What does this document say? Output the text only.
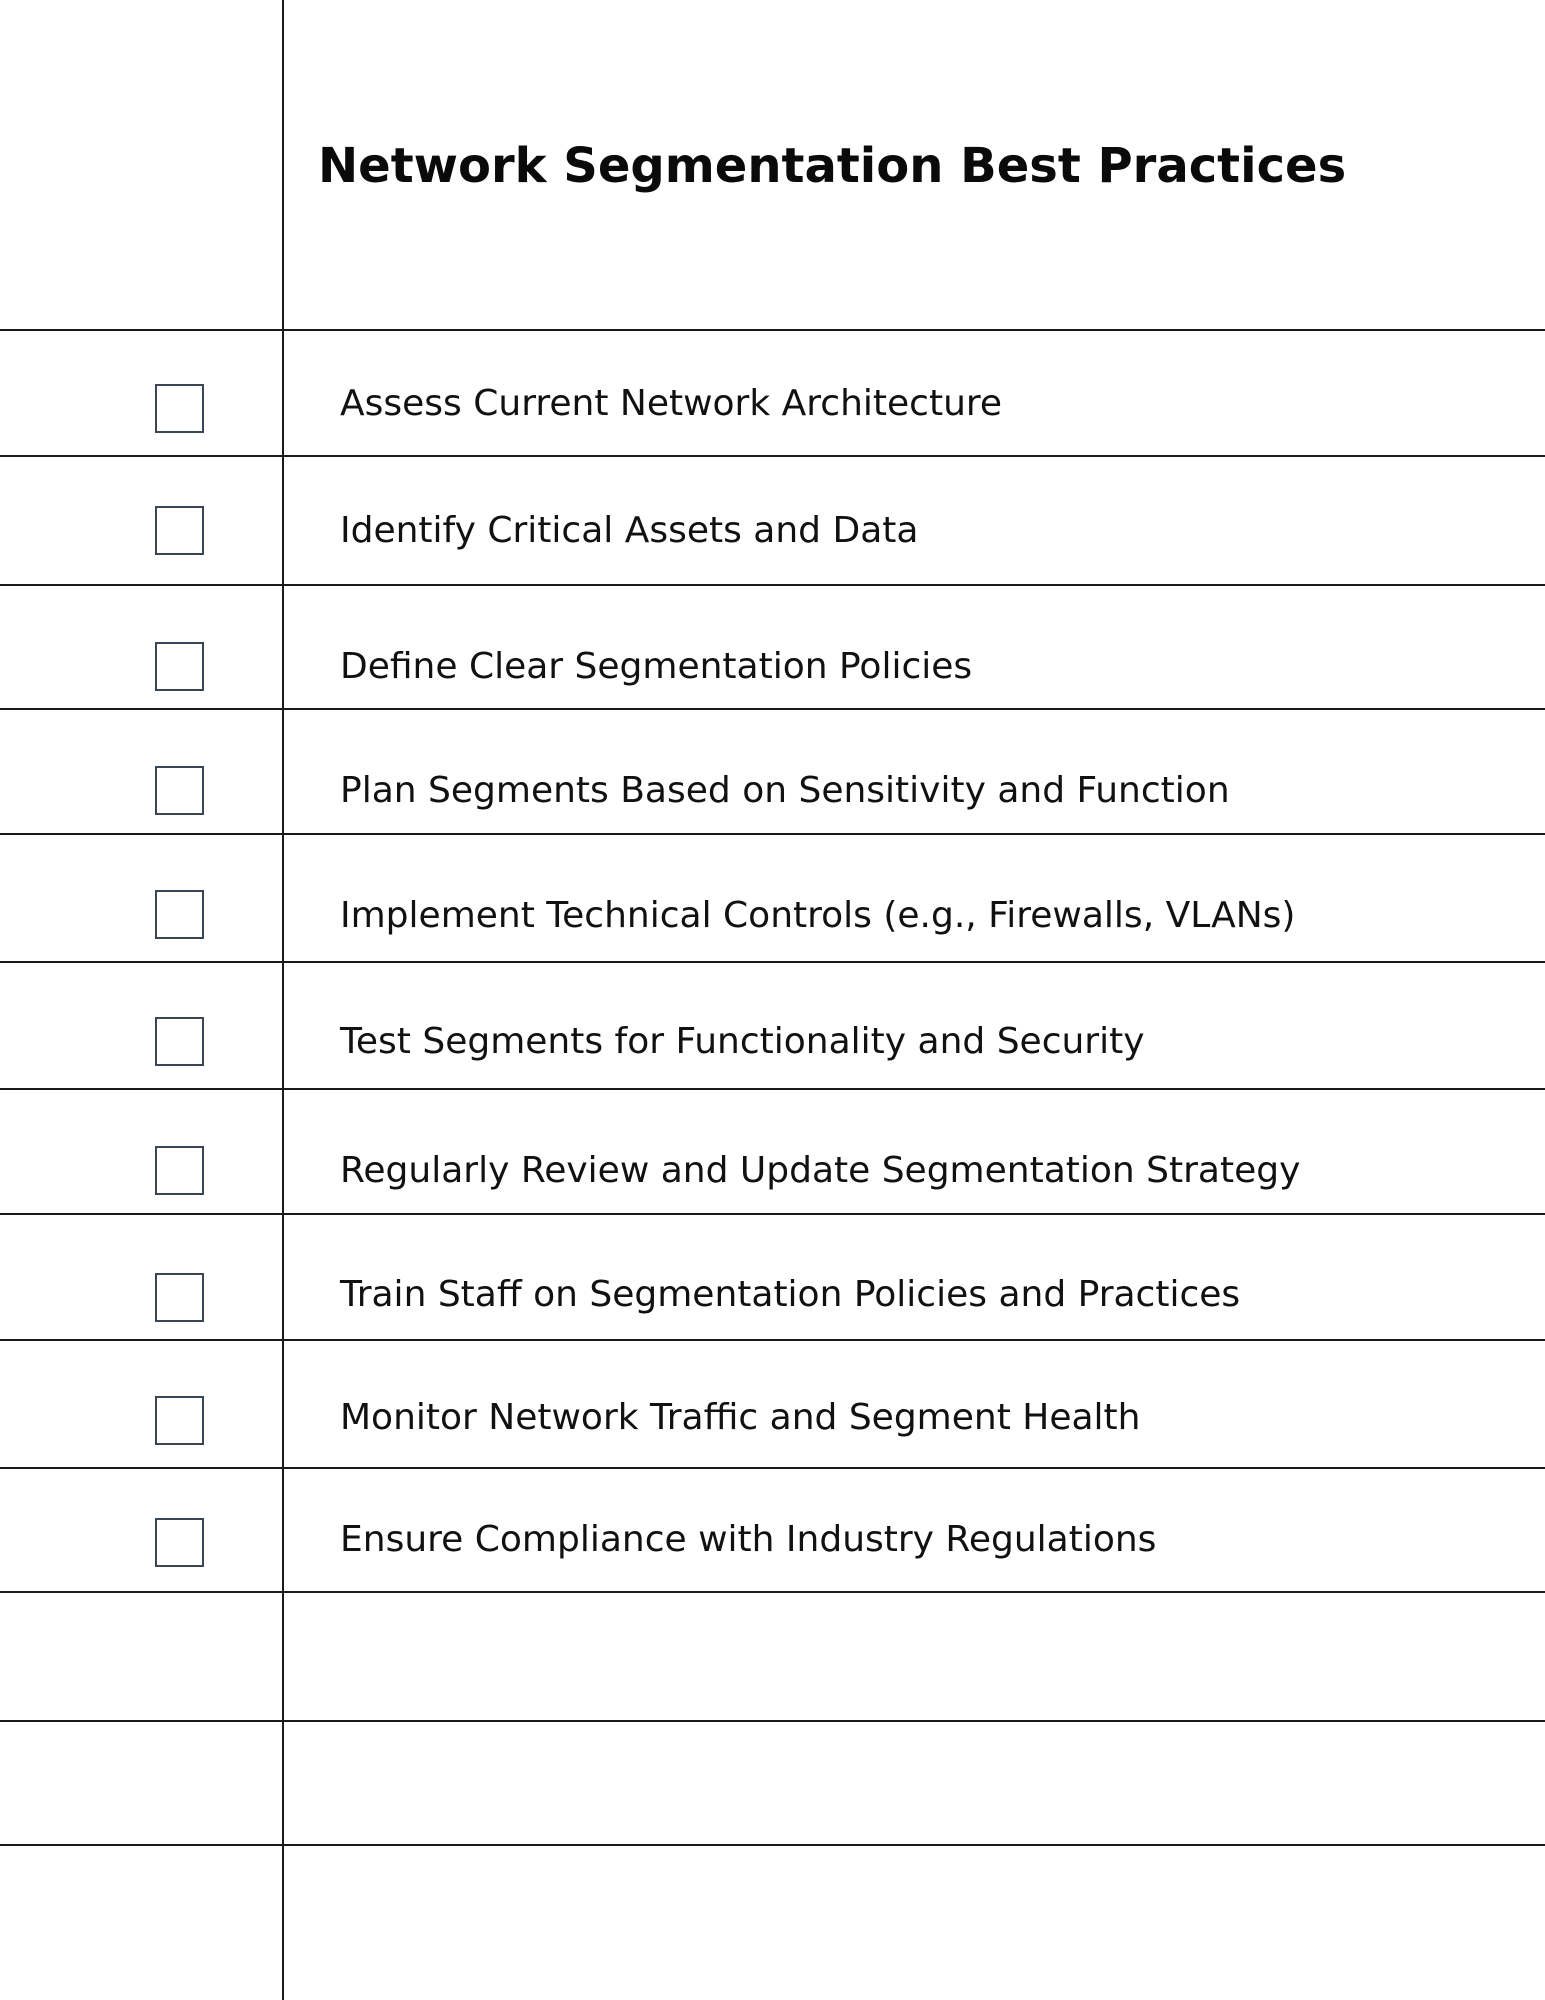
Network Segmentation Best Practices
Assess Current Network Architecture
Identify Critical Assets and Data
Define Clear Segmentation Policies
Plan Segments Based on Sensitivity and Function
Implement Technical Controls (e.g., Firewalls, VLANs)
Test Segments for Functionality and Security
Regularly Review and Update Segmentation Strategy
Train Staff on Segmentation Policies and Practices
Monitor Network Traffic and Segment Health
Ensure Compliance with Industry Regulations
